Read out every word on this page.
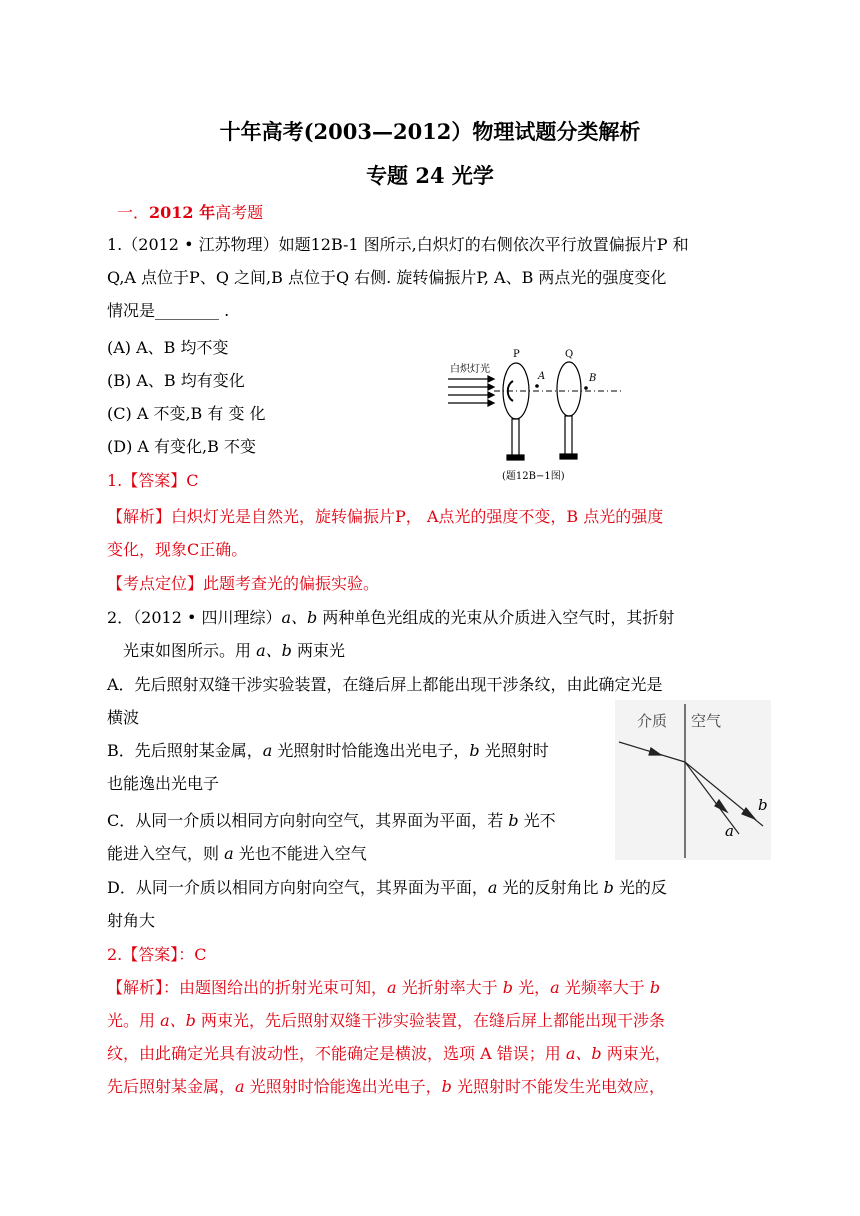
十年高考(2003—2012）物理试题分类解析
专题 24 光学
一．2012 年高考题
1.（2012 • 江苏物理）如题12B-1 图所示,白炽灯的右侧依次平行放置偏振片P 和
Q,A 点位于P、Q 之间,B 点位于Q 右侧. 旋转偏振片P, A、B 两点光的强度变化
情况是________ .
(A) A、B 均不变
(B) A、B 均有变化
(C) A 不变,B 有 变 化
(D) A 有变化,B 不变
白炽灯光
P	Q
A	B
(题12B−1图)
1.【答案】C
【解析】白炽灯光是自然光，旋转偏振片P， A点光的强度不变，B 点光的强度
变化，现象C正确。
【考点定位】此题考查光的偏振实验。
2．（2012 • 四川理综）a、b 两种单色光组成的光束从介质进入空气时，其折射
光束如图所示。用 a、b 两束光
A．先后照射双缝干涉实验装置，在缝后屏上都能出现干涉条纹，由此确定光是
横波
B．先后照射某金属，a 光照射时恰能逸出光电子，b 光照射时
也能逸出光电子
C．从同一介质以相同方向射向空气，其界面为平面，若 b 光不
能进入空气，则 a 光也不能进入空气
D．从同一介质以相同方向射向空气，其界面为平面，a 光的反射角比 b 光的反
射角大
介质 空气
b
a
2.【答案】：C
【解析】：由题图给出的折射光束可知，a 光折射率大于 b 光，a 光频率大于 b
光。用 a、b 两束光，先后照射双缝干涉实验装置，在缝后屏上都能出现干涉条
纹，由此确定光具有波动性，不能确定是横波，选项 A 错误；用 a、b 两束光，
先后照射某金属，a 光照射时恰能逸出光电子，b 光照射时不能发生光电效应，
